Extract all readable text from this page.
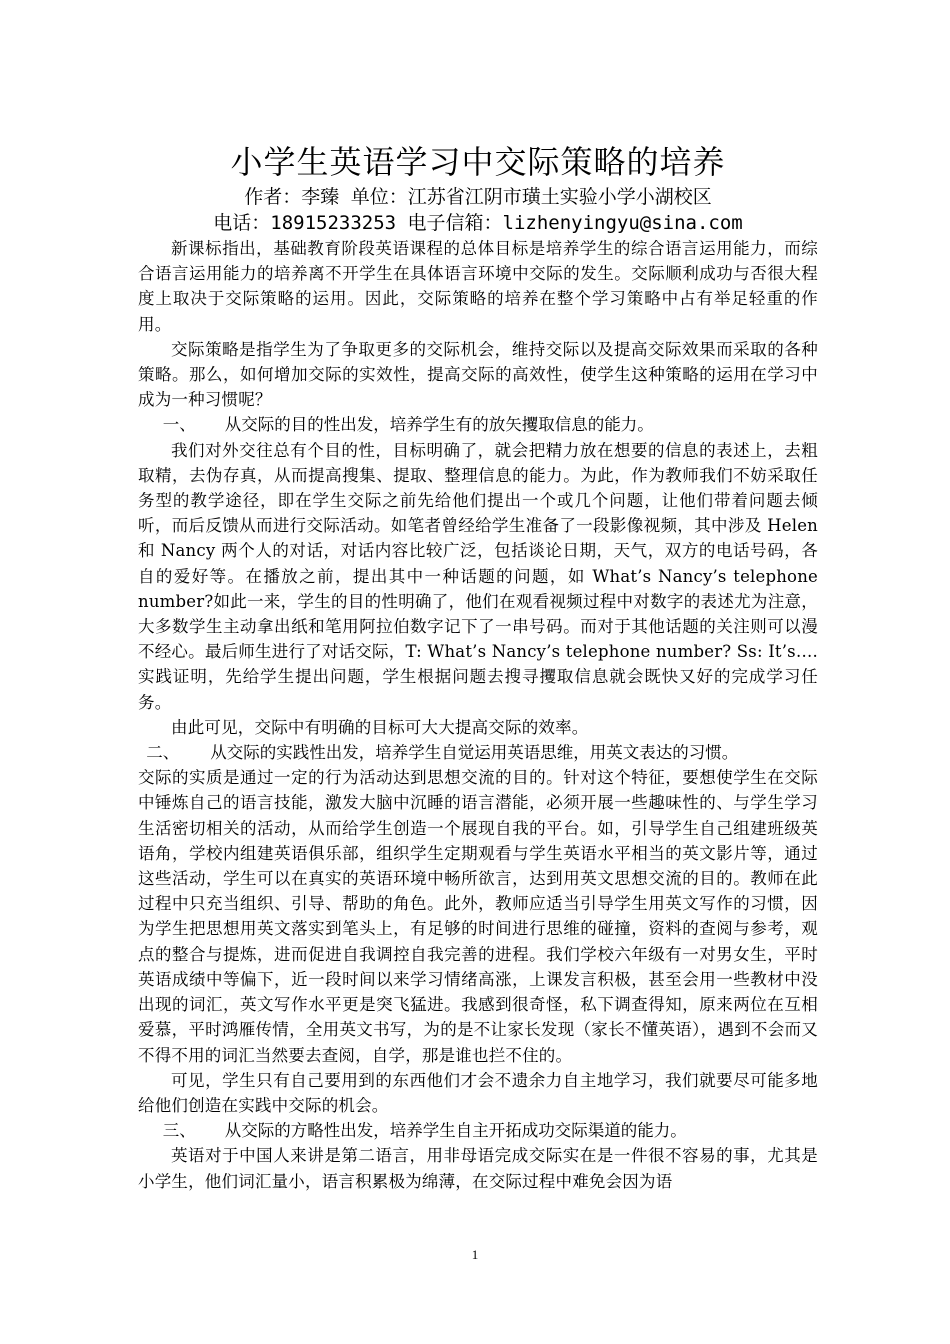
小学生英语学习中交际策略的培养

作者：李臻 单位：江苏省江阴市璜土实验小学小湖校区

电话：18915233253 电子信箱：lizhenyingyu@sina.com

新课标指出，基础教育阶段英语课程的总体目标是培养学生的综合语言运用能力，而综合语言运用能力的培养离不开学生在具体语言环境中交际的发生。交际顺利成功与否很大程度上取决于交际策略的运用。因此，交际策略的培养在整个学习策略中占有举足轻重的作用。

交际策略是指学生为了争取更多的交际机会，维持交际以及提高交际效果而采取的各种策略。那么，如何增加交际的实效性，提高交际的高效性，使学生这种策略的运用在学习中成为一种习惯呢？

一、 从交际的目的性出发，培养学生有的放矢攫取信息的能力。

我们对外交往总有个目的性，目标明确了，就会把精力放在想要的信息的表述上，去粗取精，去伪存真，从而提高搜集、提取、整理信息的能力。为此，作为教师我们不妨采取任务型的教学途径，即在学生交际之前先给他们提出一个或几个问题，让他们带着问题去倾听，而后反馈从而进行交际活动。如笔者曾经给学生准备了一段影像视频，其中涉及 Helen 和 Nancy 两个人的对话，对话内容比较广泛，包括谈论日期，天气，双方的电话号码，各自的爱好等。在播放之前，提出其中一种话题的问题，如 What’s Nancy’s telephone number?如此一来，学生的目的性明确了，他们在观看视频过程中对数字的表述尤为注意，大多数学生主动拿出纸和笔用阿拉伯数字记下了一串号码。而对于其他话题的关注则可以漫不经心。最后师生进行了对话交际，T: What’s Nancy’s telephone number? Ss: It’s….实践证明，先给学生提出问题，学生根据问题去搜寻攫取信息就会既快又好的完成学习任务。

由此可见，交际中有明确的目标可大大提高交际的效率。

二、 从交际的实践性出发，培养学生自觉运用英语思维，用英文表达的习惯。

交际的实质是通过一定的行为活动达到思想交流的目的。针对这个特征，要想使学生在交际中锤炼自己的语言技能，激发大脑中沉睡的语言潜能，必须开展一些趣味性的、与学生学习生活密切相关的活动，从而给学生创造一个展现自我的平台。如，引导学生自己组建班级英语角，学校内组建英语俱乐部，组织学生定期观看与学生英语水平相当的英文影片等，通过这些活动，学生可以在真实的英语环境中畅所欲言，达到用英文思想交流的目的。教师在此过程中只充当组织、引导、帮助的角色。此外，教师应适当引导学生用英文写作的习惯，因为学生把思想用英文落实到笔头上，有足够的时间进行思维的碰撞，资料的查阅与参考，观点的整合与提炼，进而促进自我调控自我完善的进程。我们学校六年级有一对男女生，平时英语成绩中等偏下，近一段时间以来学习情绪高涨，上课发言积极，甚至会用一些教材中没出现的词汇，英文写作水平更是突飞猛进。我感到很奇怪，私下调查得知，原来两位在互相爱慕，平时鸿雁传情，全用英文书写，为的是不让家长发现（家长不懂英语），遇到不会而又不得不用的词汇当然要去查阅，自学，那是谁也拦不住的。

可见，学生只有自己要用到的东西他们才会不遗余力自主地学习，我们就要尽可能多地给他们创造在实践中交际的机会。

三、 从交际的方略性出发，培养学生自主开拓成功交际渠道的能力。

英语对于中国人来讲是第二语言，用非母语完成交际实在是一件很不容易的事，尤其是小学生，他们词汇量小，语言积累极为绵薄，在交际过程中难免会因为语

1
